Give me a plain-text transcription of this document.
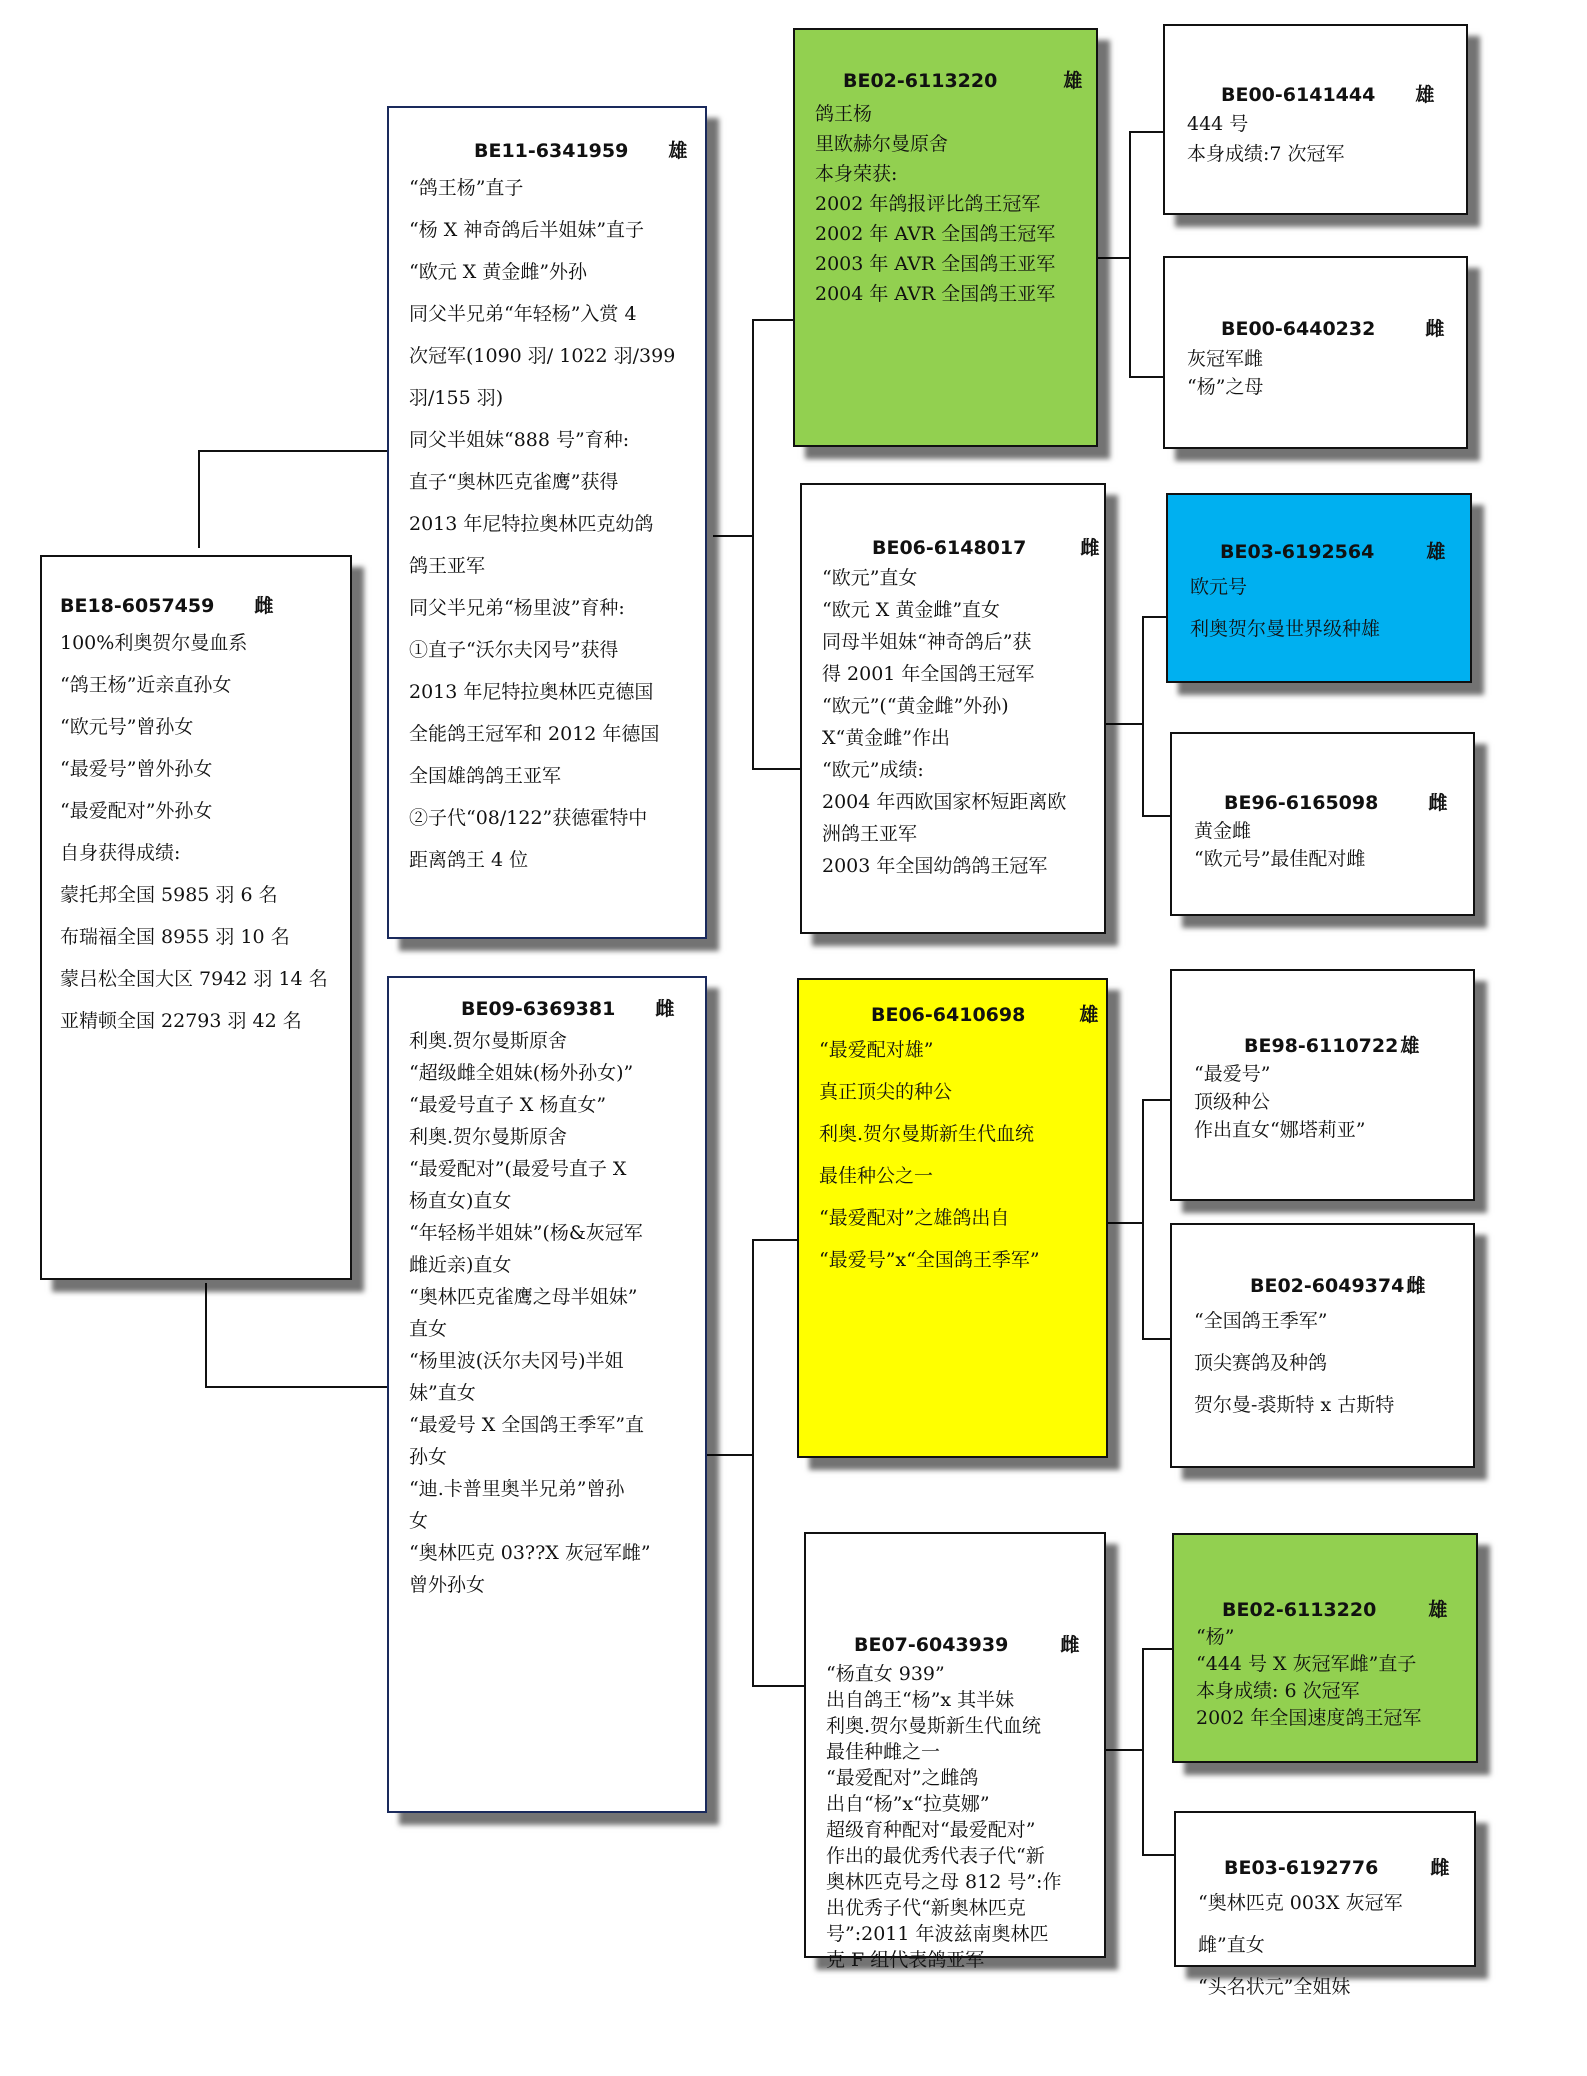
BE18-6057459 雌
100%利奥贺尔曼血系
“鸽王杨”近亲直孙女
“欧元号”曾孙女
“最爱号”曾外孙女
“最爱配对”外孙女
自身获得成绩:
蒙托邦全国 5985 羽 6 名
布瑞福全国 8955 羽 10 名
蒙吕松全国大区 7942 羽 14 名
亚精顿全国 22793 羽 42 名
BE11-6341959 雄
“鸽王杨”直子
“杨 X 神奇鸽后半姐妹”直子
“欧元 X 黄金雌”外孙
同父半兄弟“年轻杨”入赏 4
次冠军(1090 羽/ 1022 羽/399
羽/155 羽)
同父半姐妹“888 号”育种:
直子“奥林匹克雀鹰”获得
2013 年尼特拉奥林匹克幼鸽
鸽王亚军
同父半兄弟“杨里波”育种:
①直子“沃尔夫冈号”获得
2013 年尼特拉奥林匹克德国
全能鸽王冠军和 2012 年德国
全国雄鸽鸽王亚军
②子代“08/122”获德霍特中
距离鸽王 4 位
BE09-6369381 雌
利奥.贺尔曼斯原舍
“超级雌全姐妹(杨外孙女)”
“最爱号直子 X 杨直女”
利奥.贺尔曼斯原舍
“最爱配对”(最爱号直子 X
杨直女)直女
“年轻杨半姐妹”(杨&灰冠军
雌近亲)直女
“奥林匹克雀鹰之母半姐妹”
直女
“杨里波(沃尔夫冈号)半姐
妹”直女
“最爱号 X 全国鸽王季军”直
孙女
“迪.卡普里奥半兄弟”曾孙
女
“奥林匹克 03??X 灰冠军雌”
曾外孙女
BE02-6113220	雄
鸽王杨
里欧赫尔曼原舍
本身荣获:
2002 年鸽报评比鸽王冠军
2002 年 AVR 全国鸽王冠军
2003 年 AVR 全国鸽王亚军
2004 年 AVR 全国鸽王亚军
BE06-6148017	雌
“欧元”直女
“欧元 X 黄金雌”直女
同母半姐妹“神奇鸽后”获
得 2001 年全国鸽王冠军
“欧元”(“黄金雌”外孙)
X“黄金雌”作出
“欧元”成绩:
2004 年西欧国家杯短距离欧
洲鸽王亚军
2003 年全国幼鸽鸽王冠军
BE06-6410698	雄
“最爱配对雄”
真正顶尖的种公
利奥.贺尔曼斯新生代血统
最佳种公之一
“最爱配对”之雄鸽出自
“最爱号”x“全国鸽王季军”
BE07-6043939	雌
“杨直女 939”
出自鸽王“杨”x 其半妹
利奥.贺尔曼斯新生代血统
最佳种雌之一
“最爱配对”之雌鸽
出自“杨”x“拉莫娜”
超级育种配对“最爱配对”
作出的最优秀代表子代“新
奥林匹克号之母 812 号”:作
出优秀子代“新奥林匹克
号”:2011 年波兹南奥林匹
克 F 组代表鸽亚军
BE00-6141444 雄
444 号
本身成绩:7 次冠军
BE00-6440232	雌
灰冠军雌
“杨”之母
BE03-6192564	雄
欧元号
利奥贺尔曼世界级种雄
BE96-6165098	雌
黄金雌
“欧元号”最佳配对雌
BE98-6110722 雄
“最爱号”
顶级种公
作出直女“娜塔莉亚”
BE02-6049374 雌
“全国鸽王季军”
顶尖赛鸽及种鸽
贺尔曼-裘斯特 x 古斯特
BE02-6113220	雄
“杨”
“444 号 X 灰冠军雌”直子
本身成绩: 6 次冠军
2002 年全国速度鸽王冠军
BE03-6192776	雌
“奥林匹克 003X 灰冠军
雌”直女
“头名状元”全姐妹
